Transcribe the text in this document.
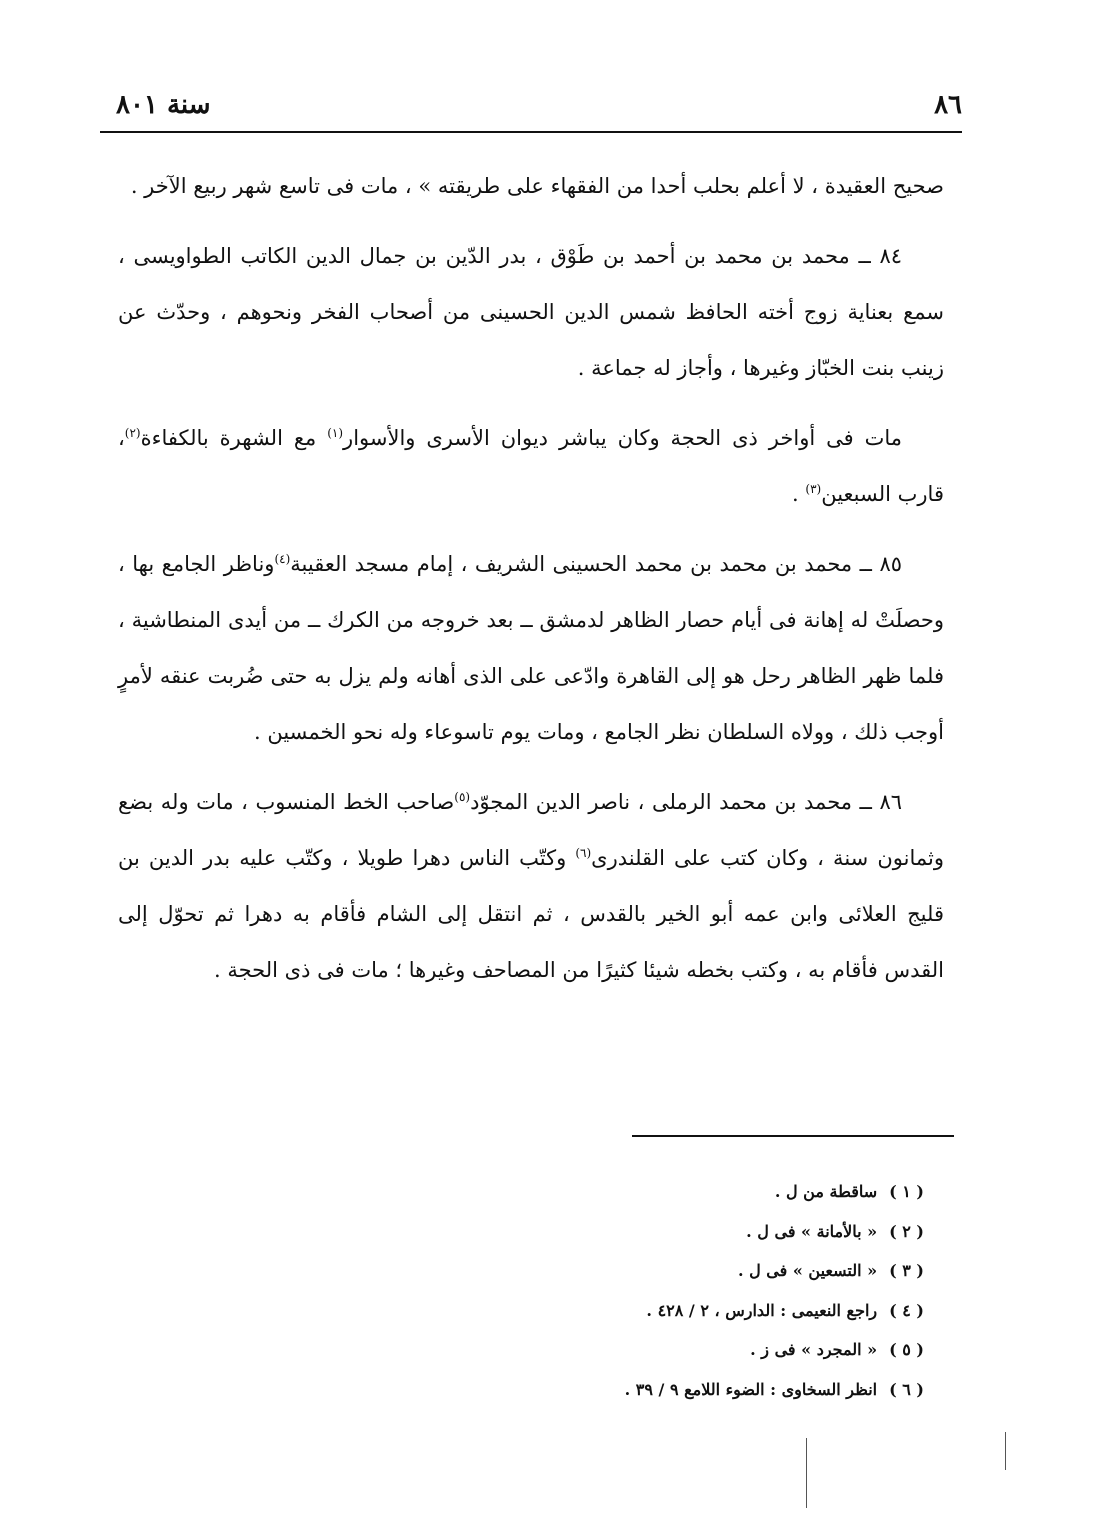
٨٦
سنة ٨٠١

صحيح العقيدة ، لا أعلم بحلب أحدا من الفقهاء على طريقته » ، مات فى تاسع شهر ربيع الآخر .

٨٤ ــ محمد بن محمد بن أحمد بن طَوْق ، بدر الدّين بن جمال الدين الكاتب الطواويسى ، سمع بعناية زوج أخته الحافظ شمس الدين الحسينى من أصحاب الفخر ونحوهم ، وحدّث عن زينب بنت الخبّاز وغيرها ، وأجاز له جماعة .

مات فى أواخر ذى الحجة وكان يباشر ديوان الأسرى والأسوار$^{(١)}$ مع الشهرة بالكفاءة$^{(٢)}$، قارب السبعين$^{(٣)}$ .

٨٥ ــ محمد بن محمد بن محمد الحسينى الشريف ، إمام مسجد العقيبة$^{(٤)}$وناظر الجامع بها ، وحصلَتْ له إهانة فى أيام حصار الظاهر لدمشق ــ بعد خروجه من الكرك ــ من أيدى المنطاشية ، فلما ظهر الظاهر رحل هو إلى القاهرة وادّعى على الذى أهانه ولم يزل به حتى ضُربت عنقه لأمرٍ أوجب ذلك ، وولاه السلطان نظر الجامع ، ومات يوم تاسوعاء وله نحو الخمسين .

٨٦ ــ محمد بن محمد الرملى ، ناصر الدين المجوّد$^{(٥)}$صاحب الخط المنسوب ، مات وله بضع وثمانون سنة ، وكان كتب على القلندرى$^{(٦)}$ وكتّب الناس دهرا طويلا ، وكتّب عليه بدر الدين بن قليج العلائى وابن عمه أبو الخير بالقدس ، ثم انتقل إلى الشام فأقام به دهرا ثم تحوّل إلى القدس فأقام به ، وكتب بخطه شيئا كثيرًا من المصاحف وغيرها ؛ مات فى ذى الحجة .

( ١ )ساقطة من ل .
( ٢ )« بالأمانة » فى ل .
( ٣ )« التسعين » فى ل .
( ٤ )راجع النعيمى : الدارس ، ٢ / ٤٢٨ .
( ٥ )« المجرد » فى ز .
( ٦ )انظر السخاوى : الضوء اللامع ٩ / ٣٩ .
